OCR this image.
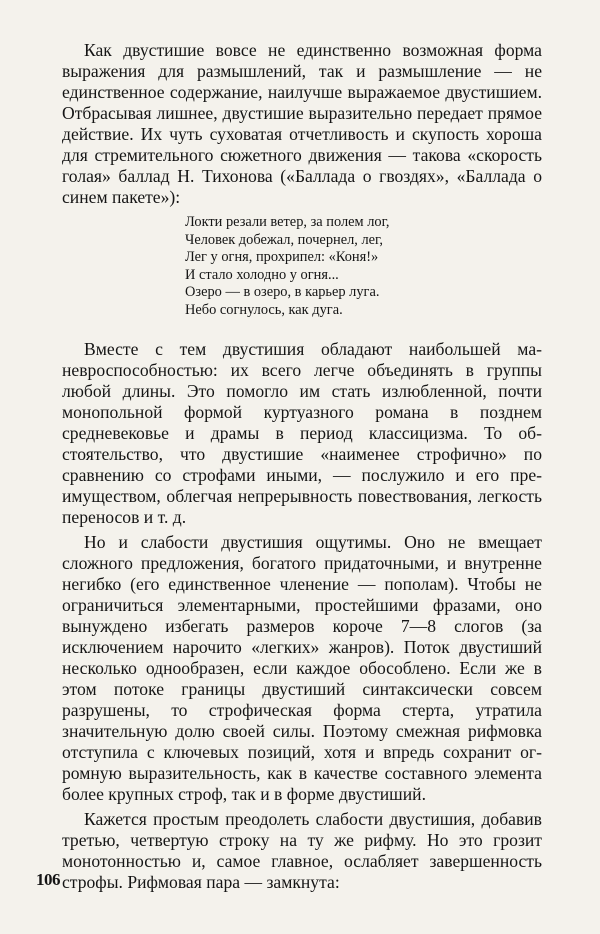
Как двустишие вовсе не единственно возможная форма выражения для размышлений, так и размышление — не единственное содержание, наилучше выражаемое двустишием. Отбрасывая лишнее, двустишие выразительно передает прямое действие. Их чуть суховатая отчетливость и скупость хороша для стремительного сюжетного движения — такова «скорость голая» баллад Н. Тихонова («Баллада о гвоздях», «Баллада о синем пакете»):

Локти резали ветер, за полем лог,
Человек добежал, почернел, лег,
Лег у огня, прохрипел: «Коня!»
И стало холодно у огня...
Озеро — в озеро, в карьер луга.
Небо согнулось, как дуга.

Вместе с тем двустишия обладают наибольшей маневроспособностью: их всего легче объединять в группы любой длины. Это помогло им стать излюбленной, почти монопольной формой куртуазного романа в позднем средневековье и драмы в период классицизма. То обстоятельство, что двустишие «наименее строфично» по сравнению со строфами иными, — послужило и его преимуществом, облегчая непрерывность повествования, легкость переносов и т. д.

Но и слабости двустишия ощутимы. Оно не вмещает сложного предложения, богатого придаточными, и внутренне негибко (его единственное членение — пополам). Чтобы не ограничиться элементарными, простейшими фразами, оно вынуждено избегать размеров короче 7—8 слогов (за исключением нарочито «легких» жанров). Поток двустиший несколько однообразен, если каждое обособлено. Если же в этом потоке границы двустиший синтаксически совсем разрушены, то строфическая форма стерта, утратила значительную долю своей силы. Поэтому смежная рифмовка отступила с ключевых позиций, хотя и впредь сохранит огромную выразительность, как в качестве составного элемента более крупных строф, так и в форме двустиший.

Кажется простым преодолеть слабости двустишия, добавив третью, четвертую строку на ту же рифму. Но это грозит монотонностью и, самое главное, ослабляет завершенность строфы. Рифмовая пара — замкнута:

106
